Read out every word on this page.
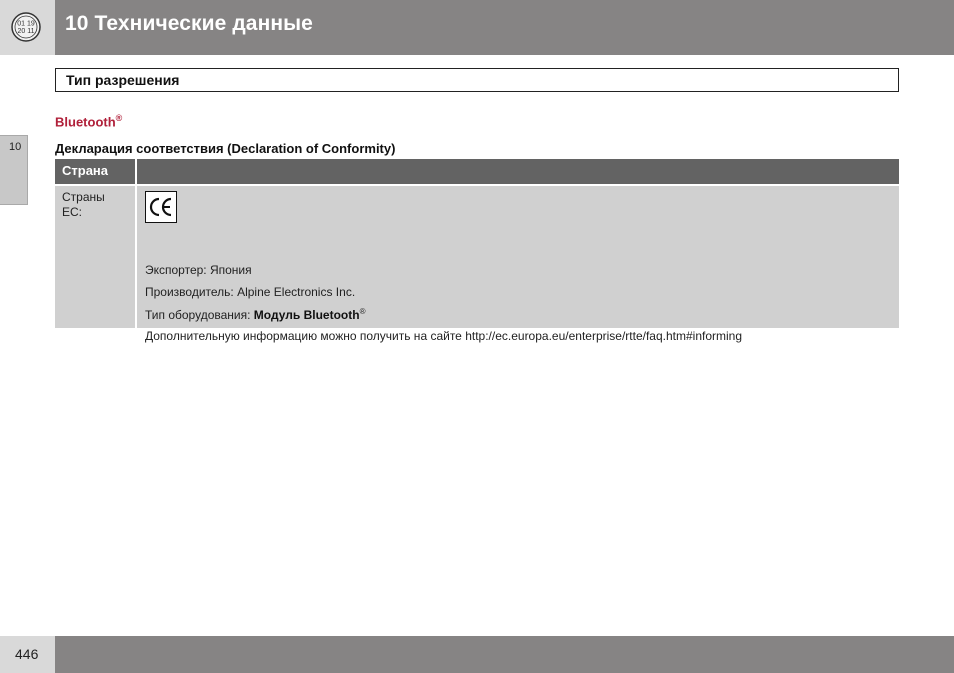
01 19
20 11 10 Технические данные
10
Тип разрешения
Bluetooth®
Декларация соответствия (Declaration of Conformity)
Страна
Страны
ЕС:
Экспортер: Япония
Производитель: Alpine Electronics Inc.
Тип оборудования: Модуль Bluetooth®
Дополнительную информацию можно получить на сайте http://ec.europa.eu/enterprise/rtte/faq.htm#informing
446
